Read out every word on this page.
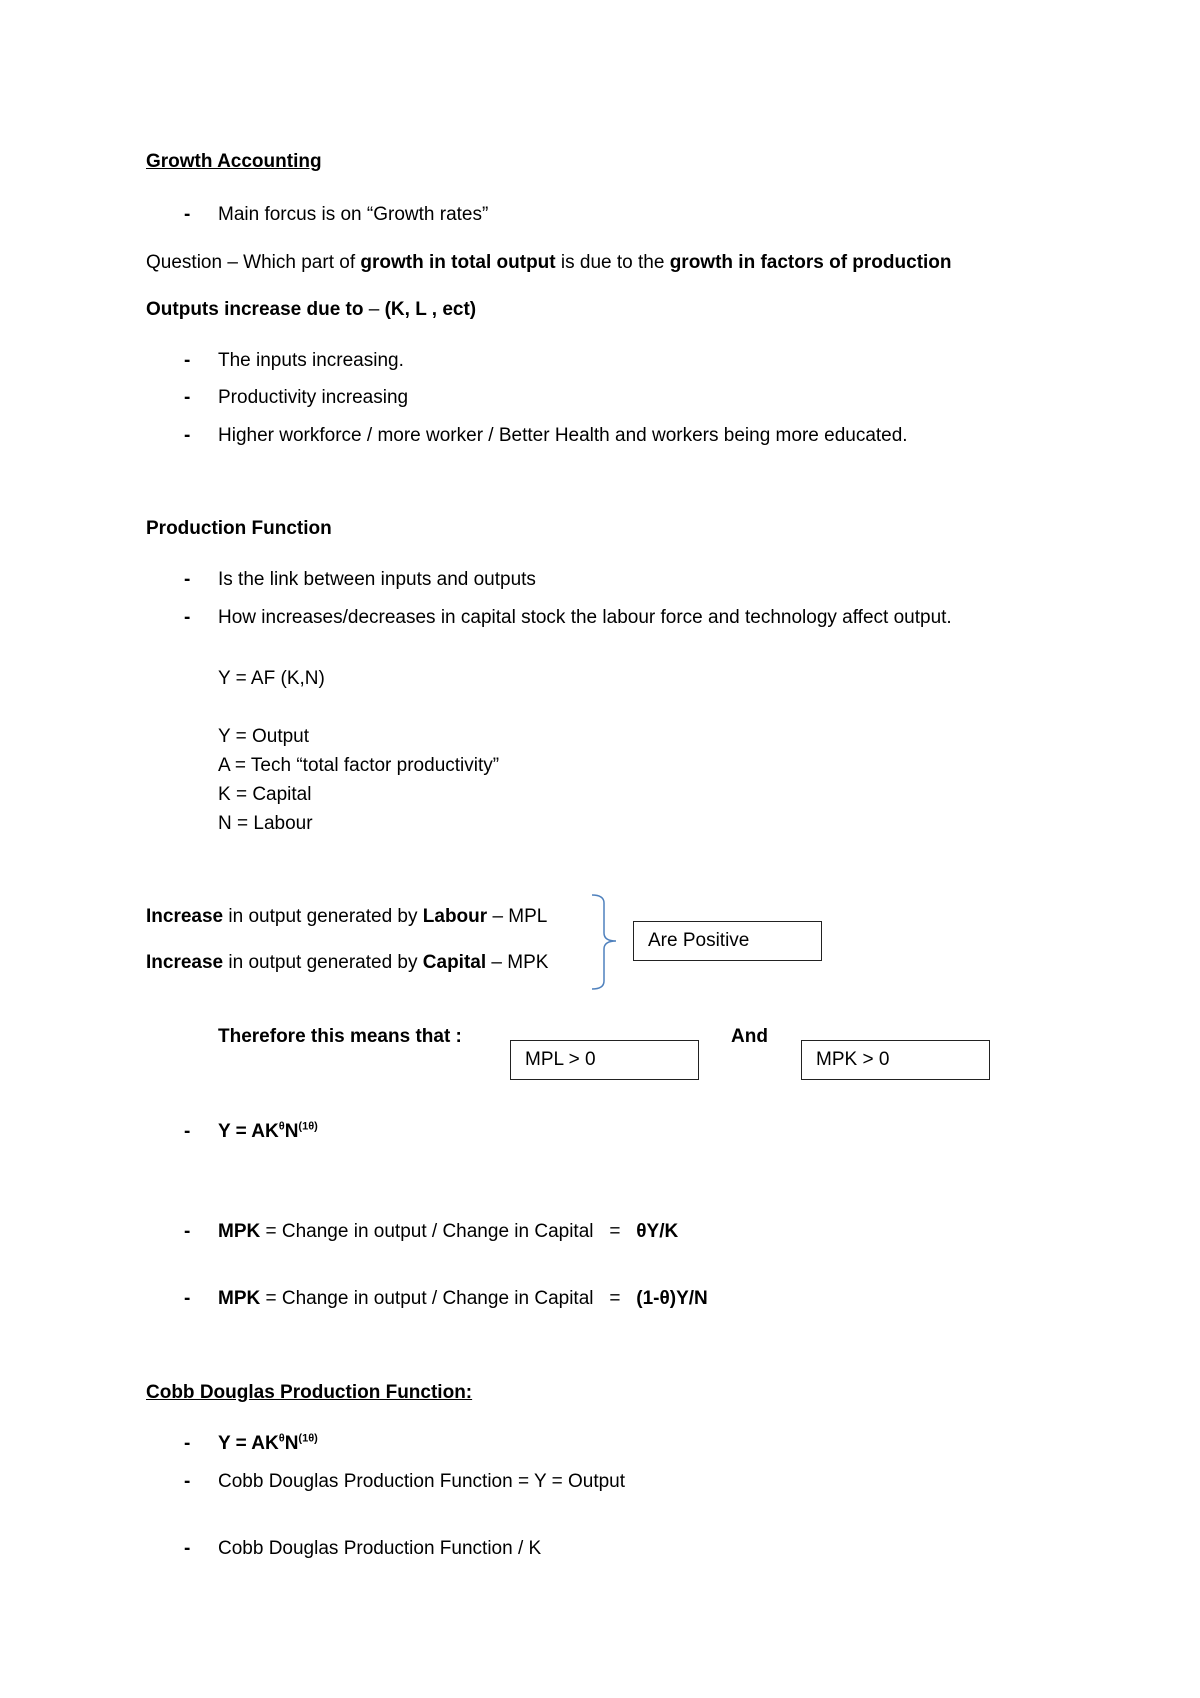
Growth Accounting
- Main forcus is on “Growth rates”
Question – Which part of growth in total output is due to the growth in factors of production
Outputs increase due to – (K, L , ect)
- The inputs increasing.
- Productivity increasing
- Higher workforce / more worker / Better Health and workers being more educated.
Production Function
- Is the link between inputs and outputs
- How increases/decreases in capital stock the labour force and technology affect output.
Y = AF (K,N)
Y = Output
A = Tech “total factor productivity”
K = Capital
N = Labour
Increase in output generated by Labour – MPL
Increase in output generated by Capital – MPK
Are Positive
Therefore this means that :	And
MPL > 0	MPK > 0
- $Y = AK^\theta N^{(1\theta)}$
- MPK = Change in output / Change in Capital   =   θY/K
- MPK = Change in output / Change in Capital   =   (1-θ)Y/N
Cobb Douglas Production Function:
- $Y = AK^\theta N^{(1\theta)}$
- Cobb Douglas Production Function = Y = Output
- Cobb Douglas Production Function / K
